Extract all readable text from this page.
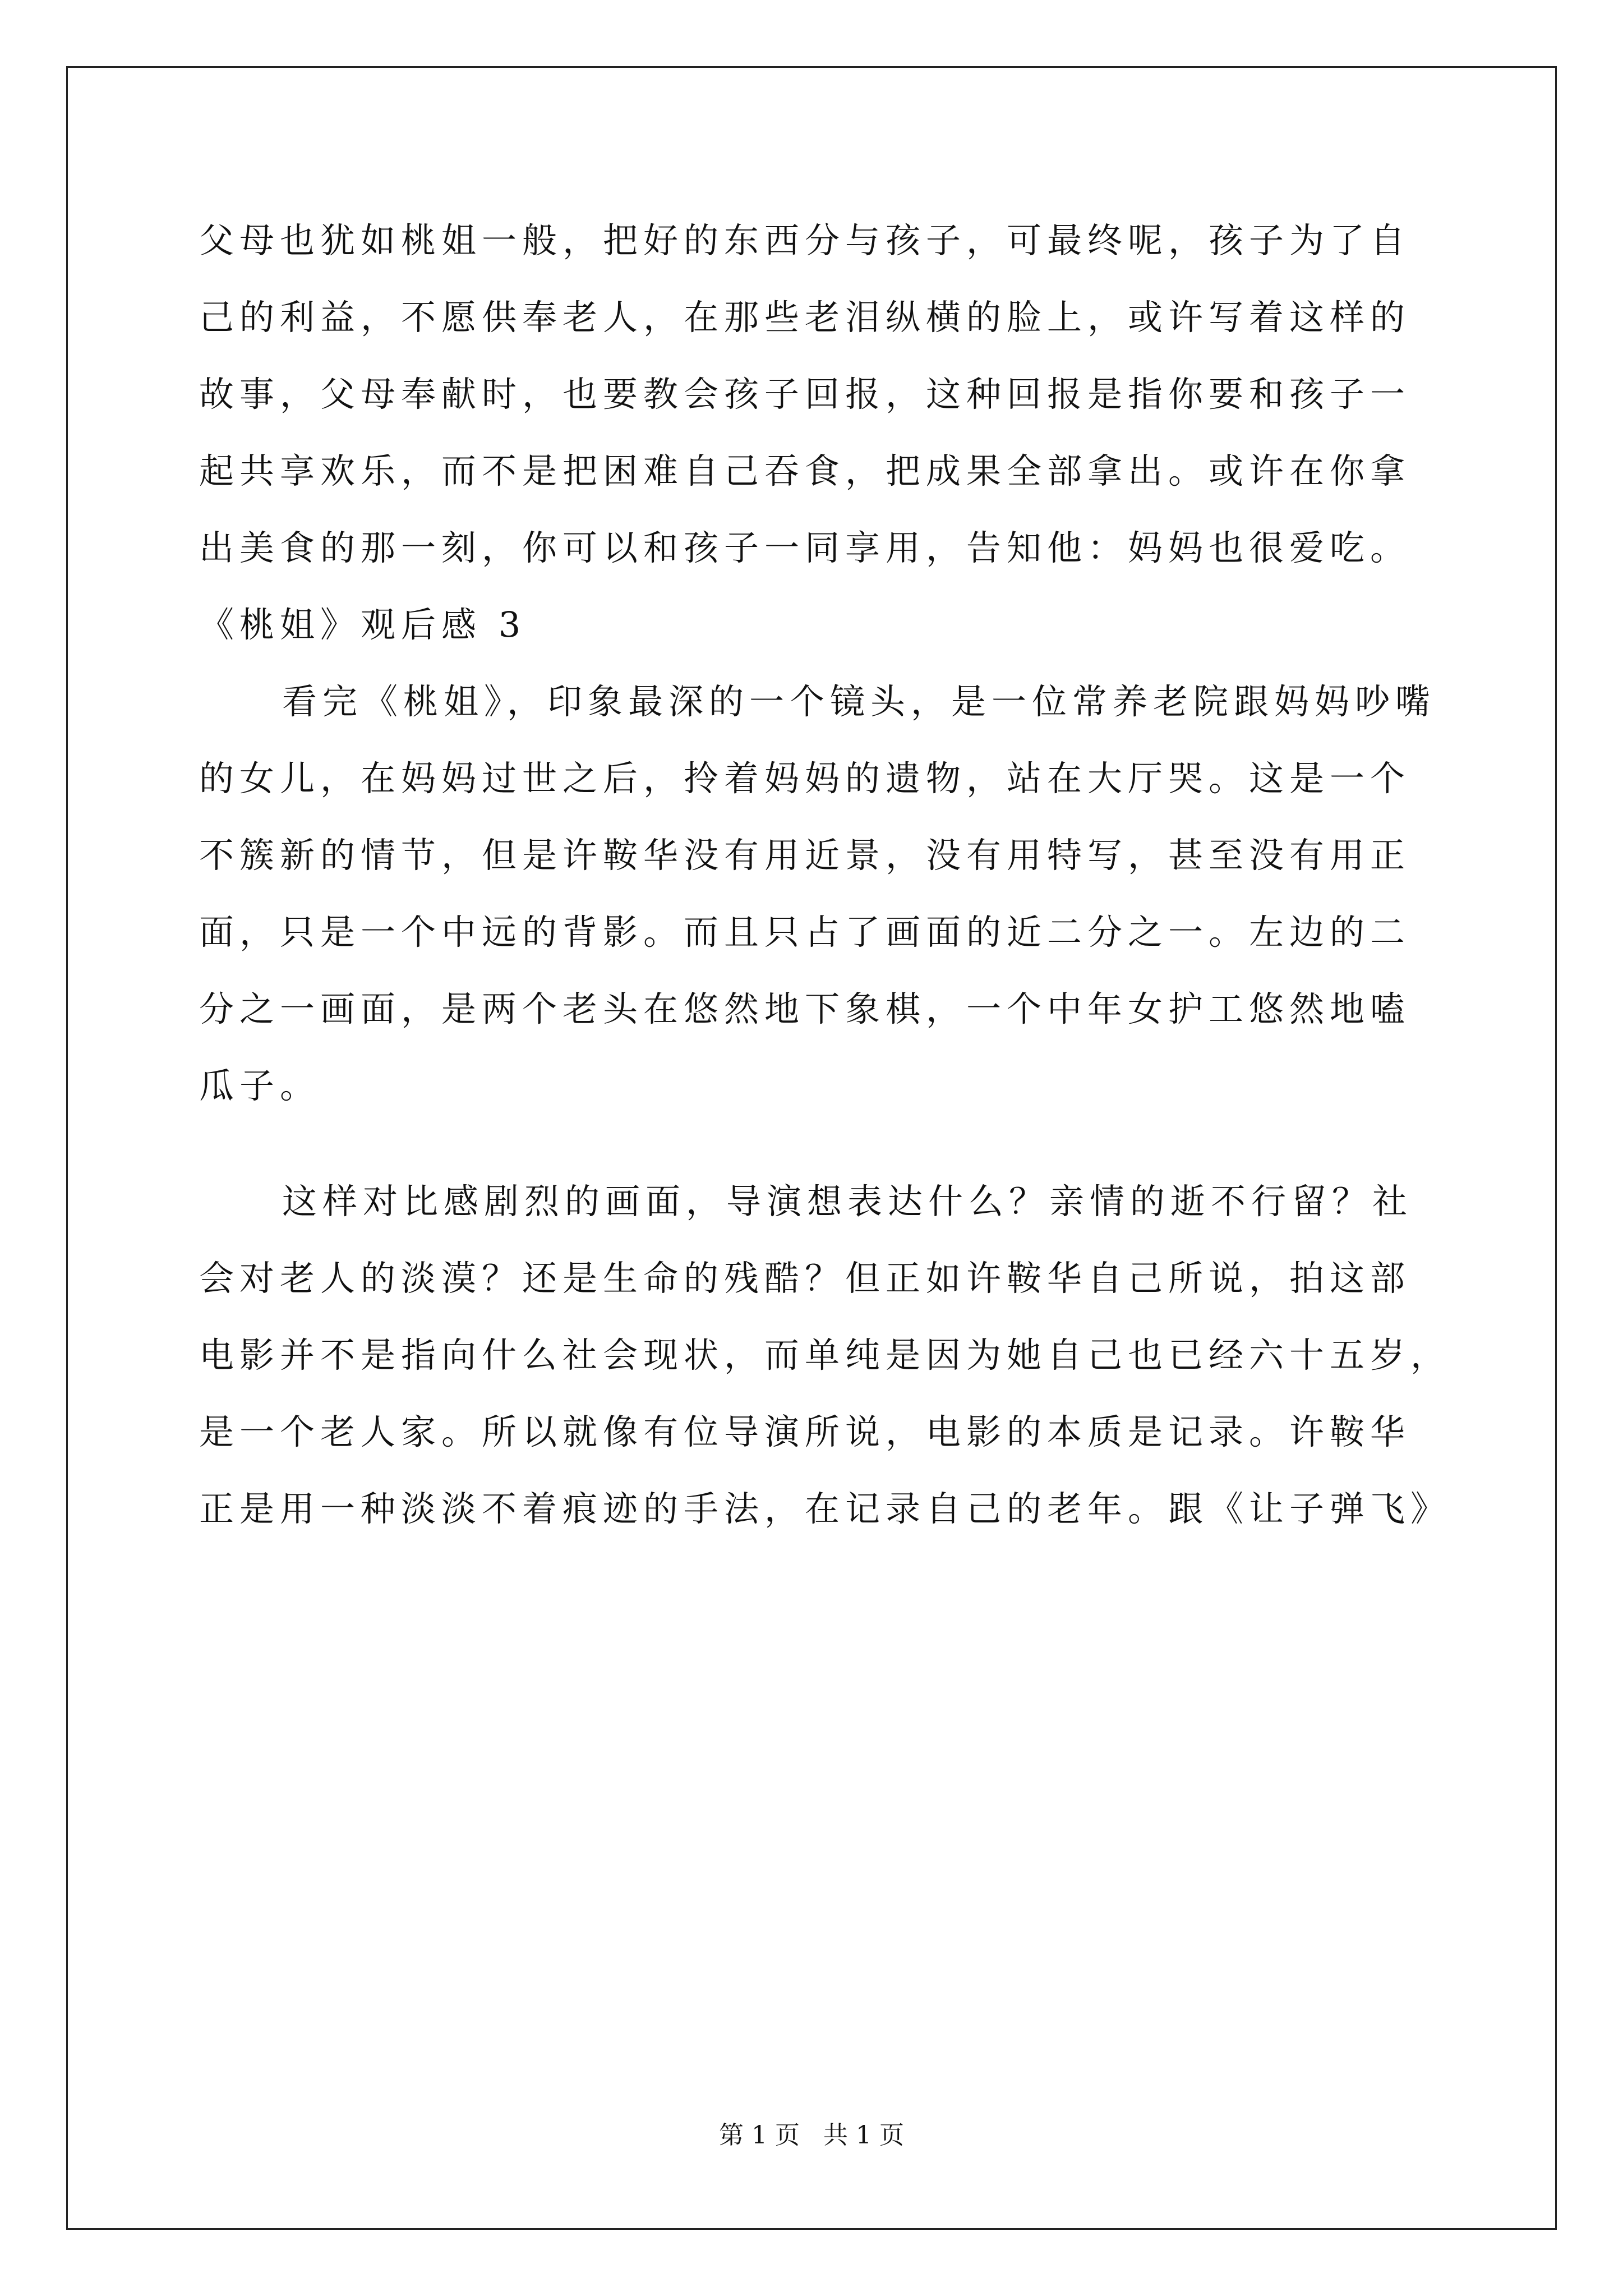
父母也犹如桃姐一般，把好的东西分与孩子，可最终呢，孩子为了自
己的利益，不愿供奉老人，在那些老泪纵横的脸上，或许写着这样的
故事，父母奉献时，也要教会孩子回报，这种回报是指你要和孩子一
起共享欢乐，而不是把困难自己吞食，把成果全部拿出。或许在你拿
出美食的那一刻，你可以和孩子一同享用，告知他：妈妈也很爱吃。
《桃姐》观后感 3
看完《桃姐》，印象最深的一个镜头，是一位常养老院跟妈妈吵嘴
的女儿，在妈妈过世之后，拎着妈妈的遗物，站在大厅哭。这是一个
不簇新的情节，但是许鞍华没有用近景，没有用特写，甚至没有用正
面，只是一个中远的背影。而且只占了画面的近二分之一。左边的二
分之一画面，是两个老头在悠然地下象棋，一个中年女护工悠然地嗑
瓜子。
这样对比感剧烈的画面，导演想表达什么？亲情的逝不行留？社
会对老人的淡漠？还是生命的残酷？但正如许鞍华自己所说，拍这部
电影并不是指向什么社会现状，而单纯是因为她自己也已经六十五岁，
是一个老人家。所以就像有位导演所说，电影的本质是记录。许鞍华
正是用一种淡淡不着痕迹的手法，在记录自己的老年。跟《让子弹飞》
第 1 页   共 1 页
